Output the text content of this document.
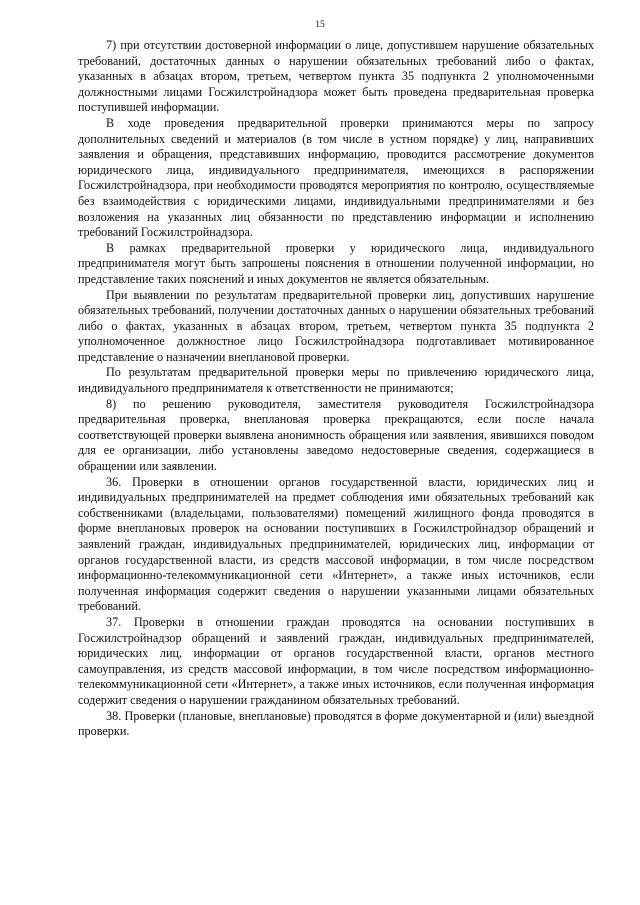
15

7) при отсутствии достоверной информации о лице, допустившем нарушение обязательных требований, достаточных данных о нарушении обязательных требований либо о фактах, указанных в абзацах втором, третьем, четвертом пункта 35 подпункта 2 уполномоченными должностными лицами Госжилстройнадзора может быть проведена предварительная проверка поступившей информации.

В ходе проведения предварительной проверки принимаются меры по запросу дополнительных сведений и материалов (в том числе в устном порядке) у лиц, направивших заявления и обращения, представивших информацию, проводится рассмотрение документов юридического лица, индивидуального предпринимателя, имеющихся в распоряжении Госжилстройнадзора, при необходимости проводятся мероприятия по контролю, осуществляемые без взаимодействия с юридическими лицами, индивидуальными предпринимателями и без возложения на указанных лиц обязанности по представлению информации и исполнению требований Госжилстройнадзора.

В рамках предварительной проверки у юридического лица, индивидуального предпринимателя могут быть запрошены пояснения в отношении полученной информации, но представление таких пояснений и иных документов не является обязательным.

При выявлении по результатам предварительной проверки лиц, допустивших нарушение обязательных требований, получении достаточных данных о нарушении обязательных требований либо о фактах, указанных в абзацах втором, третьем, четвертом пункта 35 подпункта 2 уполномоченное должностное лицо Госжилстройнадзора подготавливает мотивированное представление о назначении внеплановой проверки.

По результатам предварительной проверки меры по привлечению юридического лица, индивидуального предпринимателя к ответственности не принимаются;

8) по решению руководителя, заместителя руководителя Госжилстройнадзора предварительная проверка, внеплановая проверка прекращаются, если после начала соответствующей проверки выявлена анонимность обращения или заявления, явившихся поводом для ее организации, либо установлены заведомо недостоверные сведения, содержащиеся в обращении или заявлении.

36. Проверки в отношении органов государственной власти, юридических лиц и индивидуальных предпринимателей на предмет соблюдения ими обязательных требований как собственниками (владельцами, пользователями) помещений жилищного фонда проводятся в форме внеплановых проверок на основании поступивших в Госжилстройнадзор обращений и заявлений граждан, индивидуальных предпринимателей, юридических лиц, информации от органов государственной власти, из средств массовой информации, в том числе посредством информационно-телекоммуникационной сети «Интернет», а также иных источников, если полученная информация содержит сведения о нарушении указанными лицами обязательных требований.

37. Проверки в отношении граждан проводятся на основании поступивших в Госжилстройнадзор обращений и заявлений граждан, индивидуальных предпринимателей, юридических лиц, информации от органов государственной власти, органов местного самоуправления, из средств массовой информации, в том числе посредством информационно-телекоммуникационной сети «Интернет», а также иных источников, если полученная информация содержит сведения о нарушении гражданином обязательных требований.

38. Проверки (плановые, внеплановые) проводятся в форме документарной и (или) выездной проверки.
